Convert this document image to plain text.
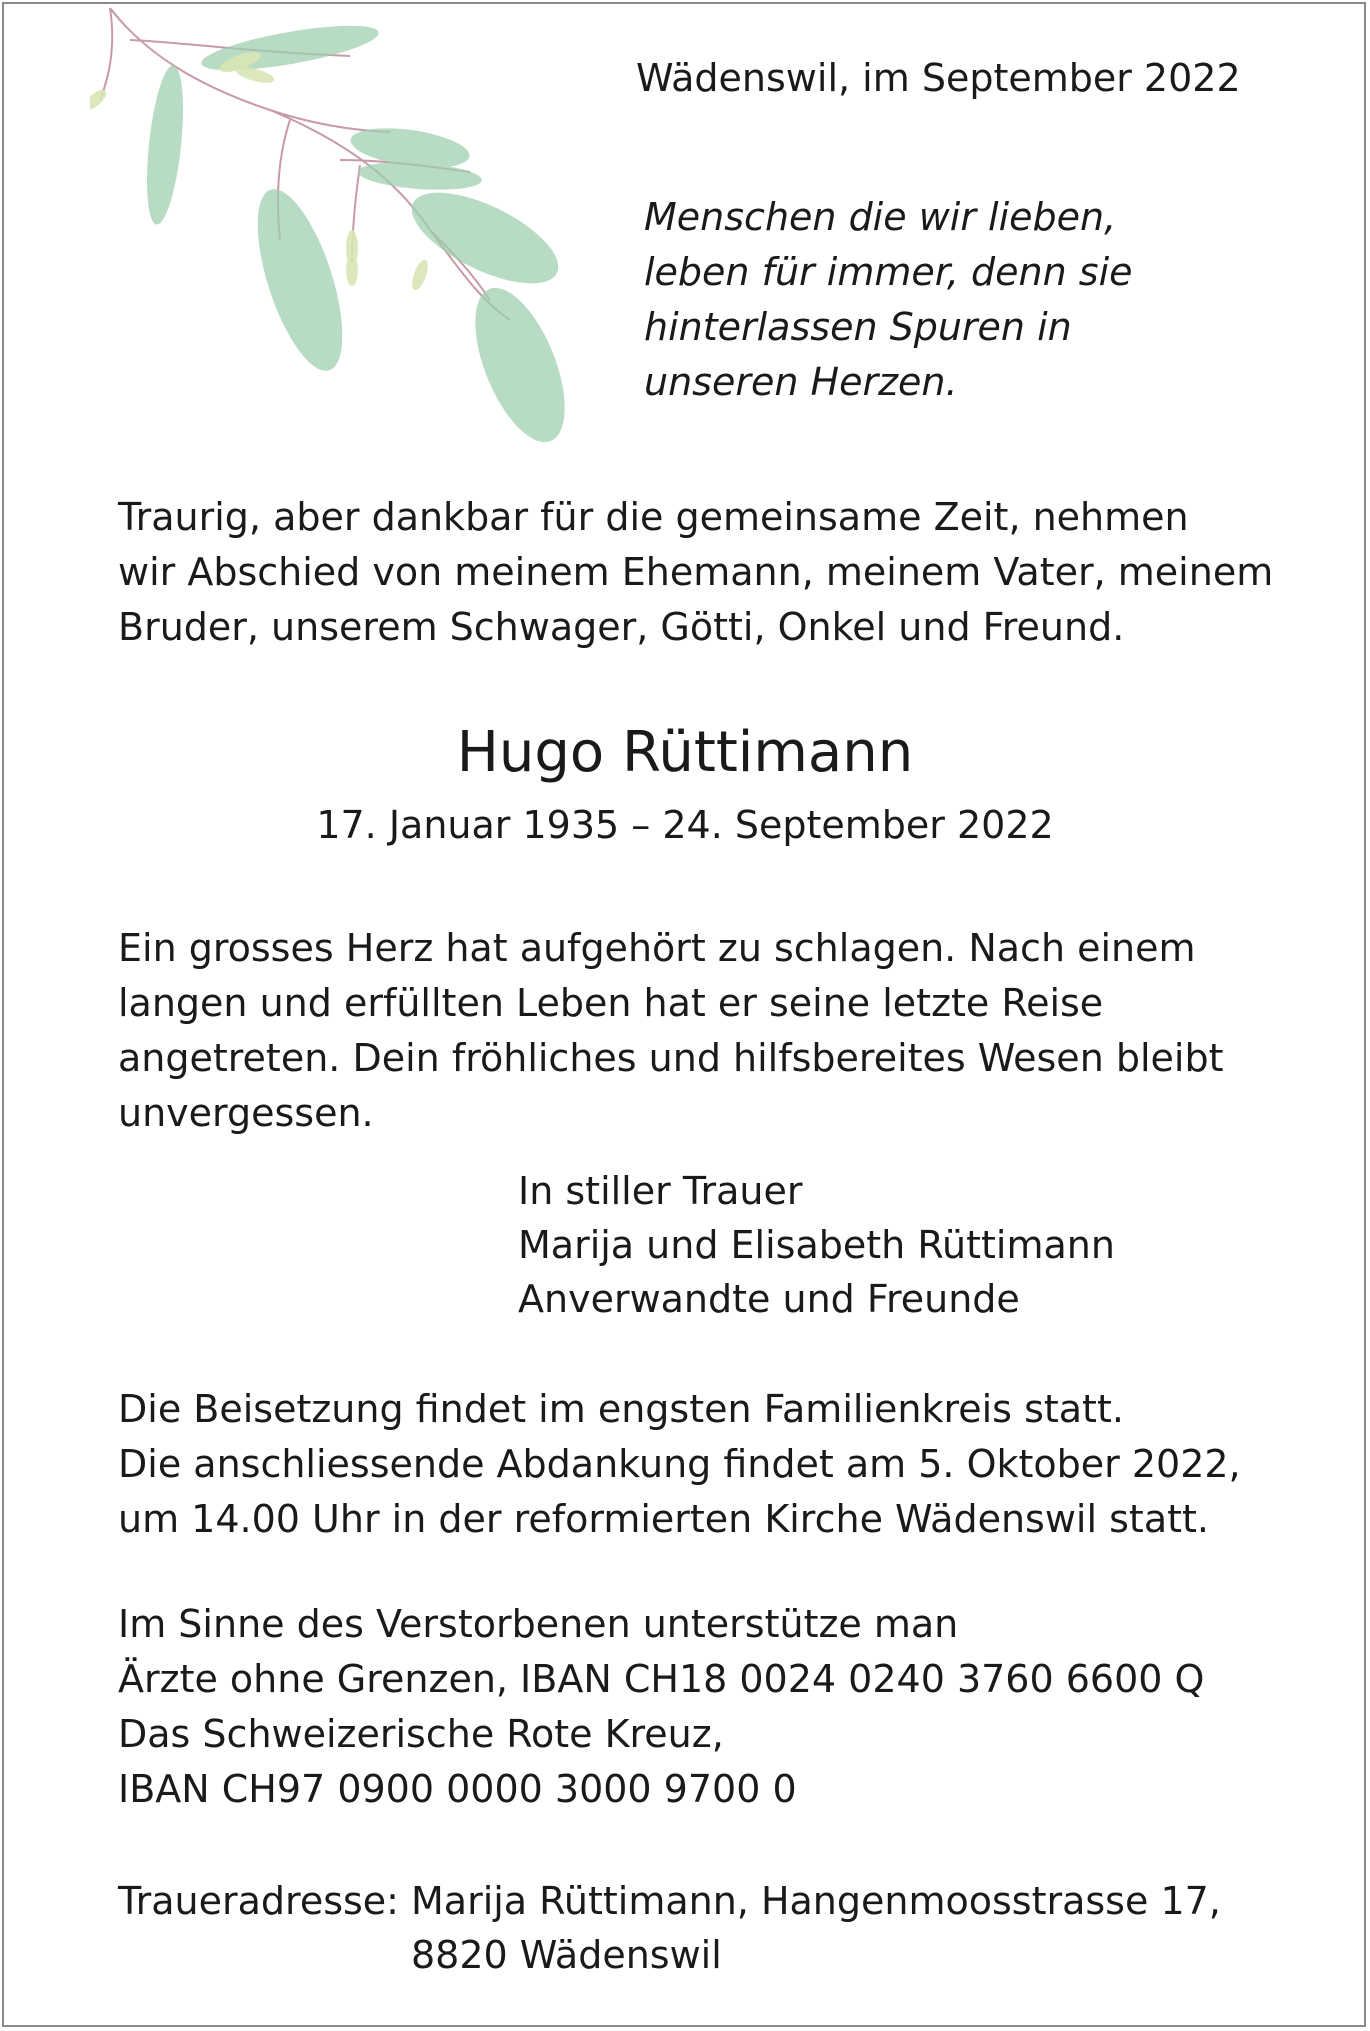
Wädenswil, im September 2022
Menschen die wir lieben,
leben für immer, denn sie
hinterlassen Spuren in
unseren Herzen.
Traurig, aber dankbar für die gemeinsame Zeit, nehmen
wir Abschied von meinem Ehemann, meinem Vater, meinem
Bruder, unserem Schwager, Götti, Onkel und Freund.
Hugo Rüttimann
17. Januar 1935 – 24. September 2022
Ein grosses Herz hat aufgehört zu schlagen. Nach einem
langen und erfüllten Leben hat er seine letzte Reise
angetreten. Dein fröhliches und hilfsbereites Wesen bleibt
unvergessen.
In stiller Trauer
Marija und Elisabeth Rüttimann
Anverwandte und Freunde
Die Beisetzung findet im engsten Familienkreis statt.
Die anschliessende Abdankung findet am 5. Oktober 2022,
um 14.00 Uhr in der reformierten Kirche Wädenswil statt.
Im Sinne des Verstorbenen unterstütze man
Ärzte ohne Grenzen, IBAN CH18 0024 0240 3760 6600 Q
Das Schweizerische Rote Kreuz,
IBAN CH97 0900 0000 3000 9700 0
Traueradresse: Marija Rüttimann, Hangenmoosstrasse 17,
8820 Wädenswil
